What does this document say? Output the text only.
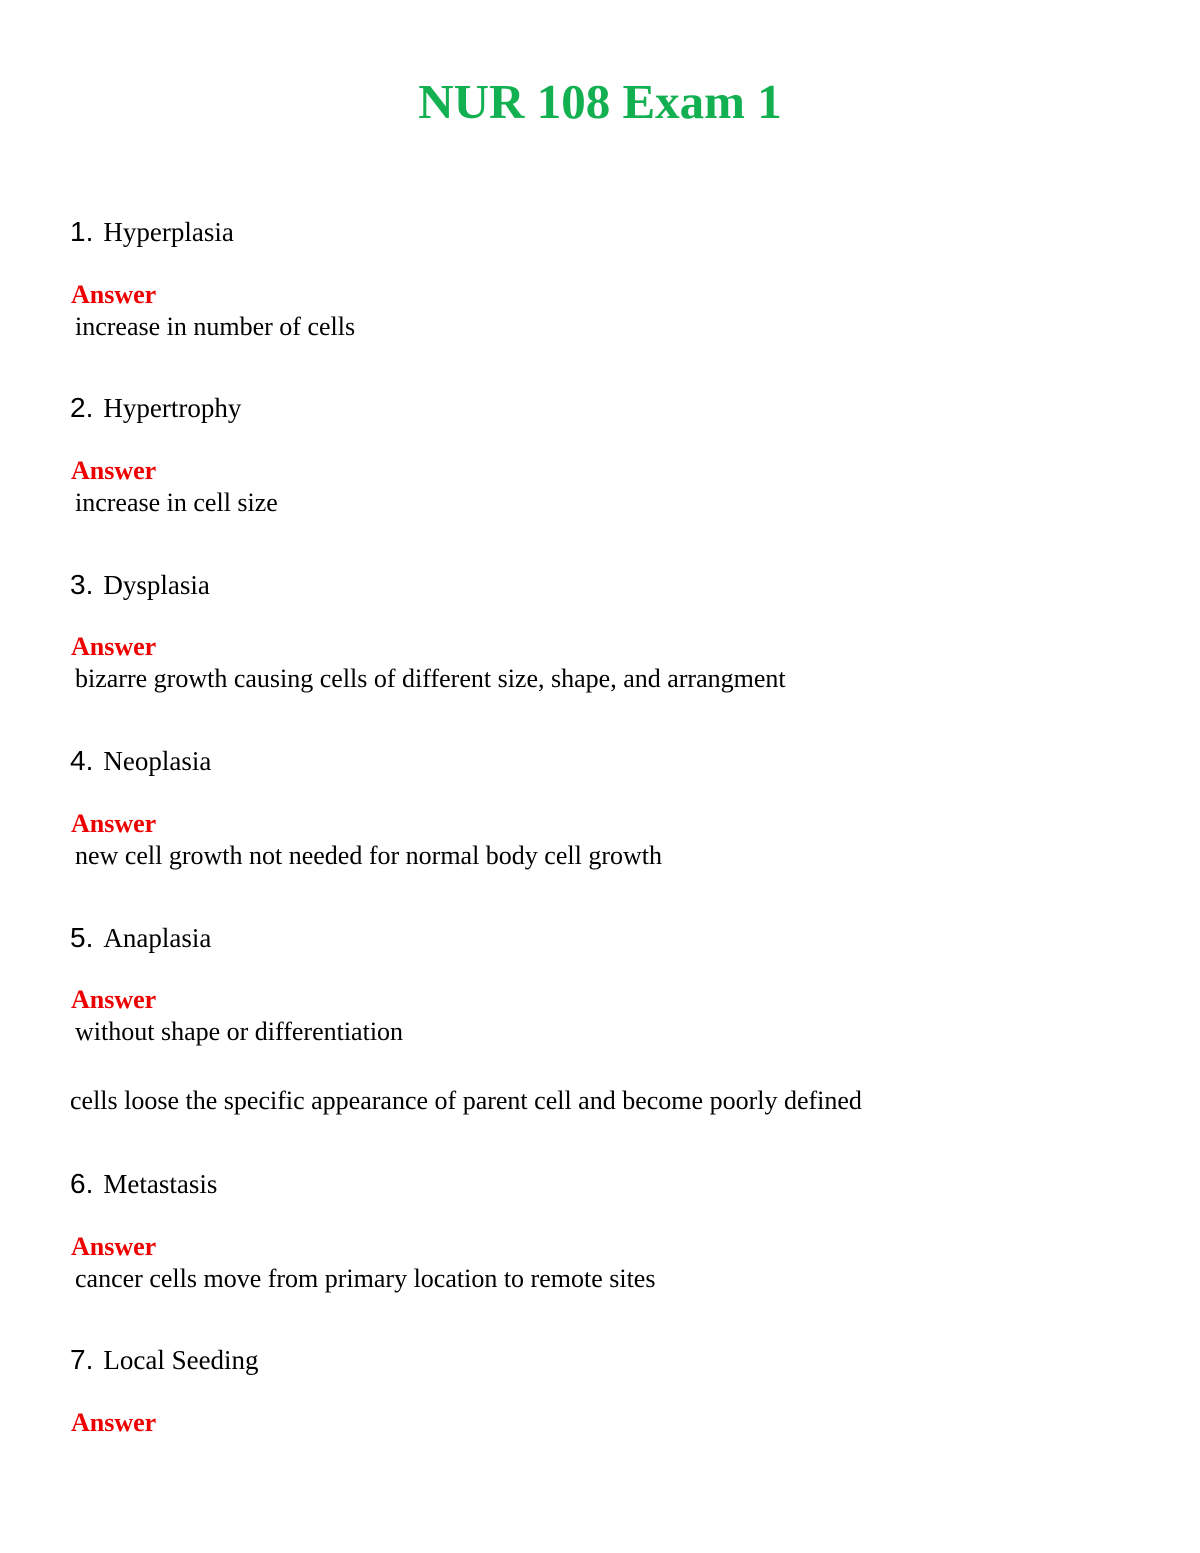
NUR 108 Exam 1
1. Hyperplasia
Answer
increase in number of cells
2. Hypertrophy
Answer
increase in cell size
3. Dysplasia
Answer
bizarre growth causing cells of different size, shape, and arrangment
4. Neoplasia
Answer
new cell growth not needed for normal body cell growth
5. Anaplasia
Answer
without shape or differentiation
cells loose the specific appearance of parent cell and become poorly defined
6. Metastasis
Answer
cancer cells move from primary location to remote sites
7. Local Seeding
Answer
